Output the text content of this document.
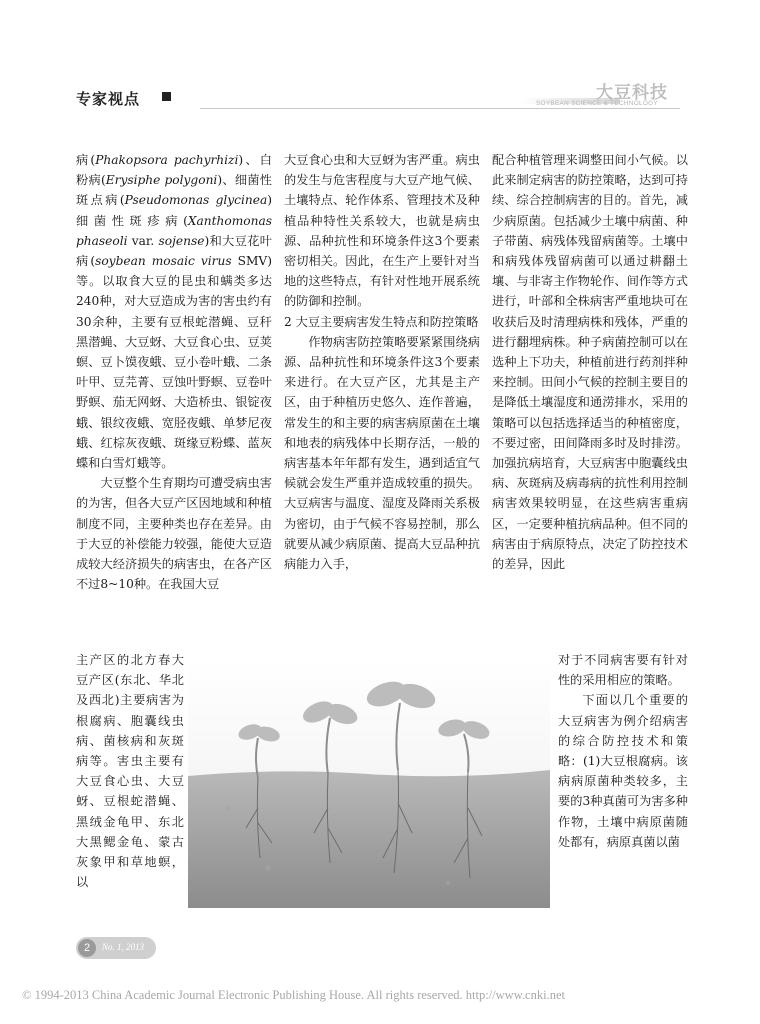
专家视点	大豆科技
SOYBEAN SCIENCE & TECHNOLOGY

病(Phakopsora pachyrhizi)、白粉病(Erysiphe polygoni)、细菌性斑点病(Pseudomonas glycinea)细菌性斑疹病(Xanthomonas phaseoli var. sojense)和大豆花叶病(soybean mosaic virus SMV)等。以取食大豆的昆虫和螨类多达240种，对大豆造成为害的害虫约有30余种，主要有豆根蛇潜蝇、豆秆黑潜蝇、大豆蚜、大豆食心虫、豆荚螟、豆卜馍夜蛾、豆小卷叶蛾、二条叶甲、豆芫菁、豆蚀叶野螟、豆卷叶野螟、茄无网蚜、大造桥虫、银锭夜蛾、银纹夜蛾、宽胫夜蛾、单梦尼夜蛾、红棕灰夜蛾、斑缘豆粉蝶、蓝灰蝶和白雪灯蛾等。

大豆整个生育期均可遭受病虫害的为害，但各大豆产区因地域和种植制度不同，主要种类也存在差异。由于大豆的补偿能力较强，能使大豆造成较大经济损失的病害虫，在各产区不过8~10种。在我国大豆

主产区的北方春大豆产区(东北、华北及西北)主要病害为根腐病、胞囊线虫病、菌核病和灰斑病等。害虫主要有大豆食心虫、大豆蚜、豆根蛇潜蝇、黑绒金龟甲、东北大黑鳃金龟、蒙古灰象甲和草地螟，以

大豆食心虫和大豆蚜为害严重。病虫的发生与危害程度与大豆产地气候、土壤特点、轮作体系、管理技术及种植品种特性关系较大，也就是病虫源、品种抗性和环境条件这3个要素密切相关。因此，在生产上要针对当地的这些特点，有针对性地开展系统的防御和控制。

2 大豆主要病害发生特点和防控策略

作物病害防控策略要紧紧围绕病源、品种抗性和环境条件这3个要素来进行。在大豆产区，尤其是主产区，由于种植历史悠久、连作普遍，常发生的和主要的病害病原菌在土壤和地表的病残体中长期存活，一般的病害基本年年都有发生，遇到适宜气候就会发生严重并造成较重的损失。大豆病害与温度、湿度及降雨关系极为密切，由于气候不容易控制，那么就要从减少病原菌、提高大豆品种抗病能力入手，

配合种植管理来调整田间小气候。以此来制定病害的防控策略，达到可持续、综合控制病害的目的。首先，减少病原菌。包括减少土壤中病菌、种子带菌、病残体残留病菌等。土壤中和病残体残留病菌可以通过耕翻土壤、与非寄主作物轮作、间作等方式进行，叶部和全株病害严重地块可在收获后及时清理病株和残体，严重的进行翻埋病株。种子病菌控制可以在选种上下功夫，种植前进行药剂拌种来控制。田间小气候的控制主要目的是降低土壤湿度和通涝排水，采用的策略可以包括选择适当的种植密度，不要过密，田间降雨多时及时排涝。加强抗病培育，大豆病害中胞囊线虫病、灰斑病及病毒病的抗性利用控制病害效果较明显，在这些病害重病区，一定要种植抗病品种。但不同的病害由于病原特点，决定了防控技术的差异，因此

对于不同病害要有针对性的采用相应的策略。

下面以几个重要的大豆病害为例介绍病害的综合防控技术和策略：(1)大豆根腐病。该病病原菌种类较多，主要的3种真菌可为害多种作物，土壤中病原菌随处都有，病原真菌以菌

2	No. 1, 2013
© 1994-2013 China Academic Journal Electronic Publishing House. All rights reserved. http://www.cnki.net
